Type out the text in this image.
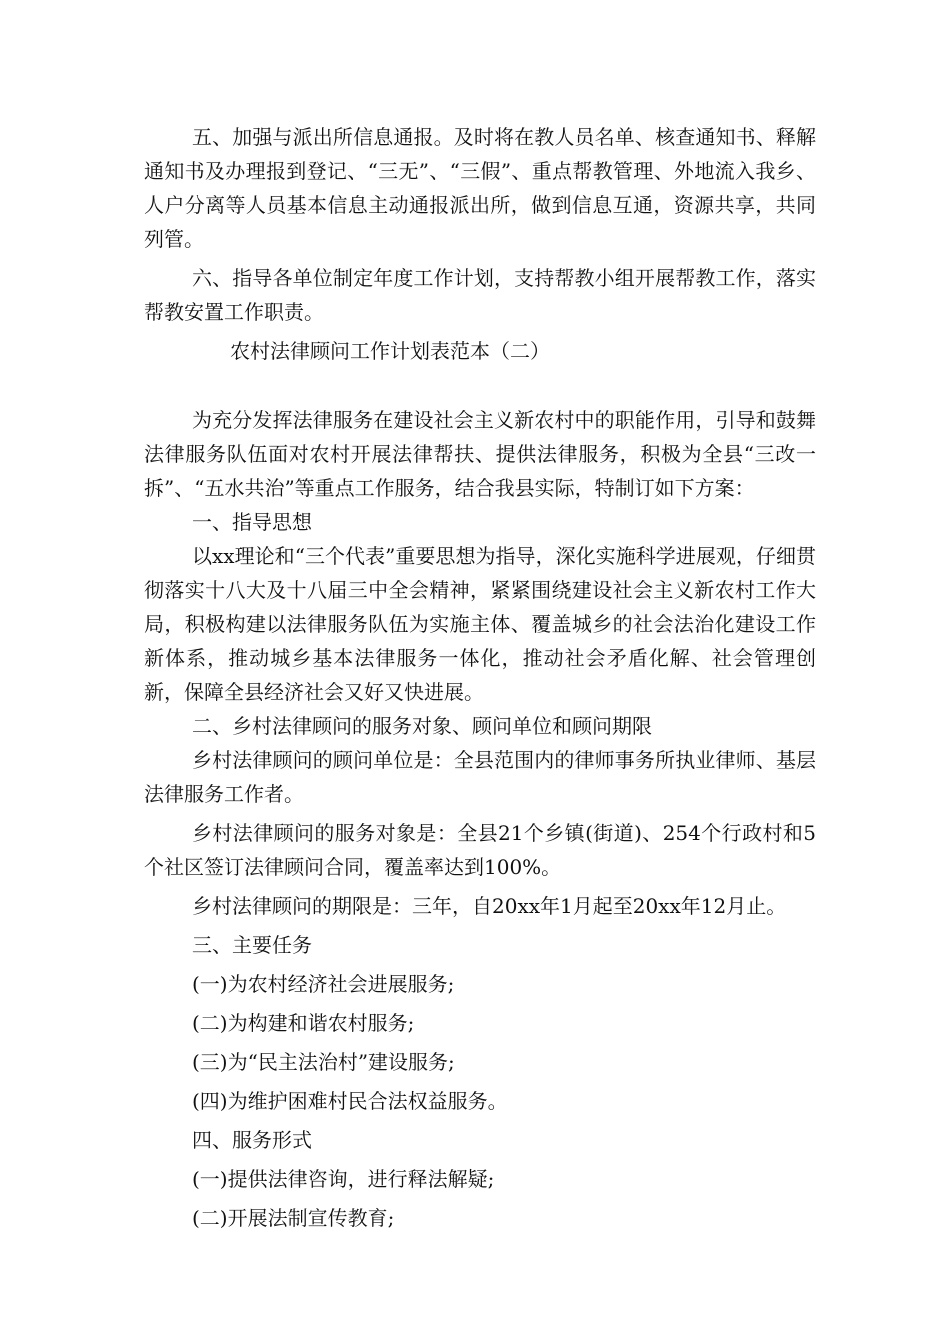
五、加强与派出所信息通报。及时将在教人员名单、核查通知书、释解通知书及办理报到登记、“三无”、“三假”、重点帮教管理、外地流入我乡、人户分离等人员基本信息主动通报派出所，做到信息互通，资源共享，共同列管。

六、指导各单位制定年度工作计划，支持帮教小组开展帮教工作，落实帮教安置工作职责。

农村法律顾问工作计划表范本（二）

为充分发挥法律服务在建设社会主义新农村中的职能作用，引导和鼓舞法律服务队伍面对农村开展法律帮扶、提供法律服务，积极为全县“三改一拆”、“五水共治”等重点工作服务，结合我县实际，特制订如下方案：

一、指导思想

以xx理论和“三个代表”重要思想为指导，深化实施科学进展观，仔细贯彻落实十八大及十八届三中全会精神，紧紧围绕建设社会主义新农村工作大局，积极构建以法律服务队伍为实施主体、覆盖城乡的社会法治化建设工作新体系，推动城乡基本法律服务一体化，推动社会矛盾化解、社会管理创新，保障全县经济社会又好又快进展。

二、乡村法律顾问的服务对象、顾问单位和顾问期限

乡村法律顾问的顾问单位是：全县范围内的律师事务所执业律师、基层法律服务工作者。

乡村法律顾问的服务对象是：全县21个乡镇(街道)、254个行政村和5个社区签订法律顾问合同，覆盖率达到100%。

乡村法律顾问的期限是：三年，自20xx年1月起至20xx年12月止。

三、主要任务

(一)为农村经济社会进展服务;

(二)为构建和谐农村服务;

(三)为“民主法治村”建设服务;

(四)为维护困难村民合法权益服务。

四、服务形式

(一)提供法律咨询，进行释法解疑;

(二)开展法制宣传教育;
